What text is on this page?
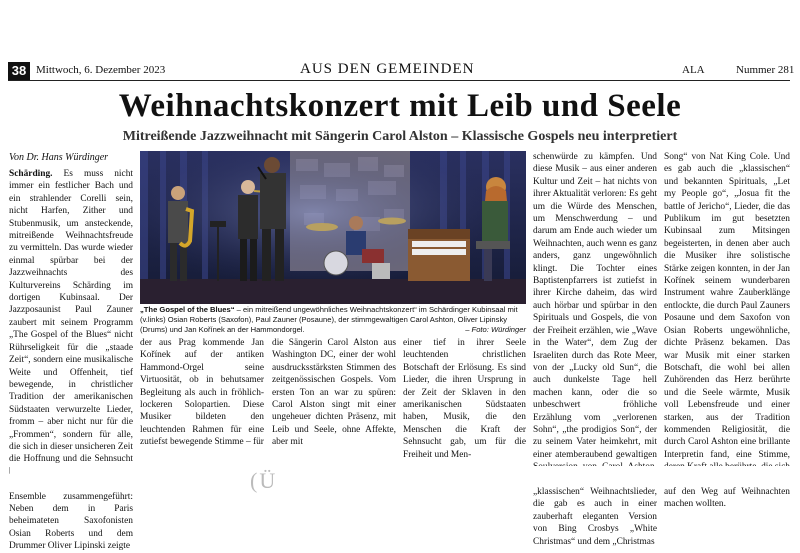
38 Mittwoch, 6. Dezember 2023	AUS DEN GEMEINDEN	ALA	Nummer 281
Weihnachtskonzert mit Leib und Seele
Mitreißende Jazzweihnacht mit Sängerin Carol Alston – Klassische Gospels neu interpretiert
Von Dr. Hans Würdinger

Schärding. Es muss nicht immer ein festlicher Bach und ein strahlender Corelli sein, nicht Harfen, Zither und Stubenmusik, um ansteckende, mitreißende Weihnachtsfreude zu vermitteln. Das wurde wieder einmal spürbar bei der Jazzweihnachts des Kulturvereins Schärding im dortigen Kubinsaal. Der Jazzposaunist Paul Zauner zaubert mit seinem Programm „The Gospel of the Blues“ nicht Rührseligkeit für die „staade Zeit“, sondern eine musikalische Weite und Offenheit, tief bewegende, in christlicher Tradition der amerikanischen Südstaaten verwurzelte Lieder, fromm – aber nicht nur für die „Frommen“, sondern für alle, die sich in dieser unsicheren Zeit die Hoffnung und die Sehnsucht

Ensemble zusammengeführt: Neben dem in Paris beheimateten Saxofonisten Osian Roberts und dem Drummer Oliver Lipinski zeigte

„The Gospel of the Blues“ – ein mitreißend ungewöhnliches Weihnachtskonzert“ im Schärdinger Kubinsaal mit (v.links) Osian Roberts (Saxofon), Paul Zauner (Posaune), der stimmgewaltigen Carol Ashton, Oliver Lipinsky (Drums) und Jan Kořínek an der Hammondorgel.	– Foto: Würdinger

der aus Prag kommende Jan Kořínek auf der antiken Hammond-Orgel seine Virtuosität, ob in behutsamer Begleitung als auch in fröhlich-lockeren Solopartien. Diese Musiker bildeten den leuchtenden Rahmen für eine zutiefst bewegende Stimme – für

die Sängerin Carol Alston aus Washington DC, einer der wohl ausdrucksstärksten Stimmen des zeitgenössischen Gospels. Vom ersten Ton an war zu spüren: Carol Alston singt mit einer ungeheuer dichten Präsenz, mit Leib und Seele, ohne Affekte, aber mit

einer tief in ihrer Seele leuchtenden christlichen Botschaft der Erlösung. Es sind Lieder, die ihren Ursprung in der Zeit der Sklaven in den amerikanischen Südstaaten haben, Musik, die den Menschen die Kraft der Sehnsucht gab, um für die Freiheit und Men-

schenwürde zu kämpfen. Und diese Musik – aus einer anderen Kultur und Zeit – hat nichts von ihrer Aktualität verloren: Es geht um die Würde des Menschen, um Menschwerdung – und darum am Ende auch wieder um Weihnachten, auch wenn es ganz anders, ganz ungewöhnlich klingt. Die Tochter eines Baptistenpfarrers ist zutiefst in ihrer Kirche daheim, das wird auch hörbar und spürbar in den Spirituals und Gospels, die von der Freiheit erzählen, wie „Wave in the Water“, dem Zug der Israeliten durch das Rote Meer, von der „Lucky old Sun“, die auch dunkelste Tage hell machen kann, oder die so unbeschwert fröhliche Erzählung vom „verlorenen Sohn“, „the prodigios Son“, der zu seinem Vater heimkehrt, mit einer atemberaubend gewaltigen „klassischen“ Weihnachtslieder, die gab es auch in einer zauberhaft eleganten Version von Bing Crosbys „White Christmas“ und dem „Christmas

Song“ von Nat King Cole. Und es gab auch die „klassischen“ und bekannten Spirituals, „Let my People go“, „Josua fit the battle of Jericho“, Lieder, die das Publikum im gut besetzten Kubinsaal zum Mitsingen begeisterten, in denen aber auch die Musiker ihre solistische Stärke zeigen konnten, in der Jan Kořínek seinem wunderbaren Instrument wahre Zauberklänge entlockte, die durch Paul Zauners Posaune und dem Saxofon von Osian Roberts ungewöhnliche, dichte Präsenz bekamen. Das war Musik mit einer starken Botschaft, die wohl bei allen Zuhörenden das Herz berührte und die Seele wärmte, Musik voll Lebensfreude und einer starken, aus der Tradition kommenden Religiosität, die durch Carol Ashton eine brillante Interpretin fand, eine Stimme, auf den Weg auf Weihnachten machen wollten.

(Ü
